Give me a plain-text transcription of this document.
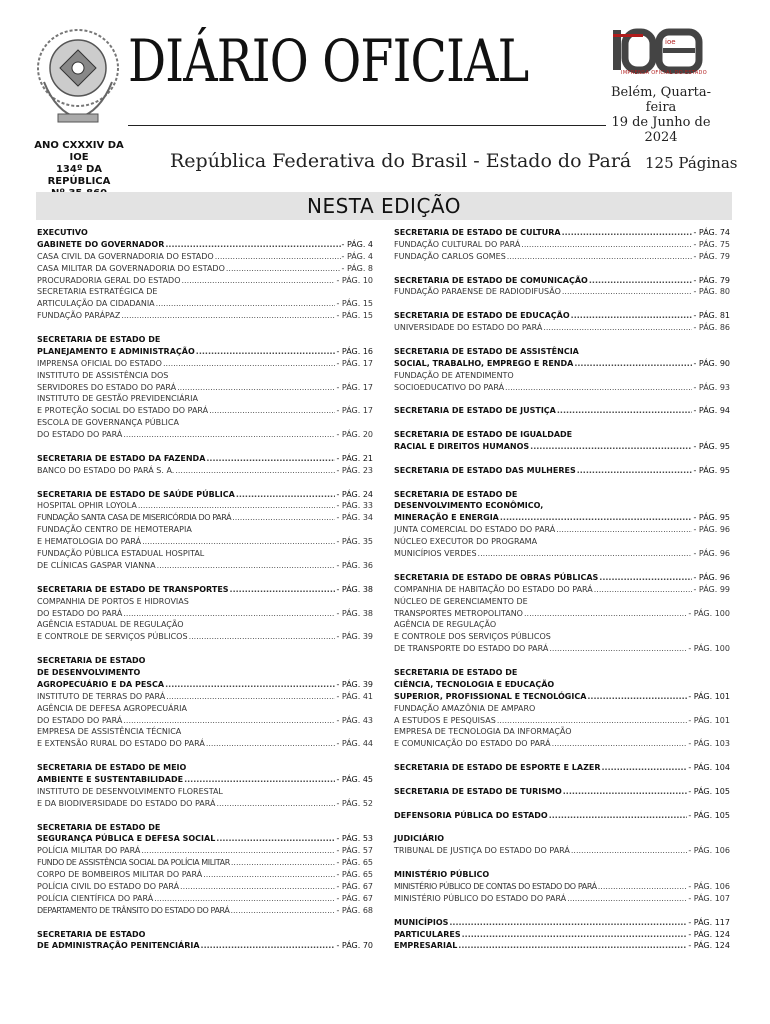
DIÁRIO OFICIAL	ioe
IMPRENSA OFICIAL DO ESTADO
Belém, Quarta-feira
19 de Junho de 2024
ANO CXXXIV DA IOE
134º DA REPÚBLICA
República Federativa do Brasil - Estado do Pará 125 Páginas
NESTA EDIÇÃO
EXECUTIVO
GABINETE DO GOVERNADOR .....	- PÁG. 4
CASA CIVIL DA GOVERNADORIA DO ESTADO .....	- PÁG. 4
CASA MILITAR DA GOVERNADORIA DO ESTADO .....	- PÁG. 8
PROCURADORIA GERAL DO ESTADO .....	- PÁG. 10
SECRETARIA ESTRATÉGICA DE
ARTICULAÇÃO DA CIDADANIA .....	- PÁG. 15
FUNDAÇÃO PARÁPAZ .....	- PÁG. 15
SECRETARIA DE ESTADO DE
PLANEJAMENTO E ADMINISTRAÇÃO .....	- PÁG. 16
IMPRENSA OFICIAL DO ESTADO .....	- PÁG. 17
INSTITUTO DE ASSISTÊNCIA DOS
SERVIDORES DO ESTADO DO PARÁ .....	- PÁG. 17
INSTITUTO DE GESTÃO PREVIDENCIÁRIA
E PROTEÇÃO SOCIAL DO ESTADO DO PARÁ .....	- PÁG. 17
ESCOLA DE GOVERNANÇA PÚBLICA
DO ESTADO DO PARÁ .....	- PÁG. 20
SECRETARIA DE ESTADO DA FAZENDA .....	- PÁG. 21
BANCO DO ESTADO DO PARÁ S. A. .....	- PÁG. 23
SECRETARIA DE ESTADO DE SAÚDE PÚBLICA .....	- PÁG. 24
HOSPITAL OPHIR LOYOLA .....	- PÁG. 33
FUNDAÇÃO SANTA CASA DE MISERICÓRDIA DO PARÁ .....	- PÁG. 34
FUNDAÇÃO CENTRO DE HEMOTERAPIA
E HEMATOLOGIA DO PARÁ .....	- PÁG. 35
FUNDAÇÃO PÚBLICA ESTADUAL HOSPITAL
DE CLÍNICAS GASPAR VIANNA .....	- PÁG. 36
SECRETARIA DE ESTADO DE TRANSPORTES .....	- PÁG. 38
COMPANHIA DE PORTOS E HIDROVIAS
DO ESTADO DO PARÁ .....	- PÁG. 38
AGÊNCIA ESTADUAL DE REGULAÇÃO
E CONTROLE DE SERVIÇOS PÚBLICOS .....	- PÁG. 39
SECRETARIA DE ESTADO
DE DESENVOLVIMENTO
AGROPECUÁRIO E DA PESCA .....	- PÁG. 39
INSTITUTO DE TERRAS DO PARÁ .....	- PÁG. 41
AGÊNCIA DE DEFESA AGROPECUÁRIA
DO ESTADO DO PARÁ .....	- PÁG. 43
EMPRESA DE ASSISTÊNCIA TÉCNICA
E EXTENSÃO RURAL DO ESTADO DO PARÁ .....	- PÁG. 44
SECRETARIA DE ESTADO DE MEIO
AMBIENTE E SUSTENTABILIDADE .....	- PÁG. 45
INSTITUTO DE DESENVOLVIMENTO FLORESTAL
E DA BIODIVERSIDADE DO ESTADO DO PARÁ .....	- PÁG. 52
SECRETARIA DE ESTADO DE
SEGURANÇA PÚBLICA E DEFESA SOCIAL .....	- PÁG. 53
POLÍCIA MILITAR DO PARÁ .....	- PÁG. 57
FUNDO DE ASSISTÊNCIA SOCIAL DA POLÍCIA MILITAR .....	- PÁG. 65
CORPO DE BOMBEIROS MILITAR DO PARÁ .....	- PÁG. 65
POLÍCIA CIVIL DO ESTADO DO PARÁ .....	- PÁG. 67
POLÍCIA CIENTÍFICA DO PARÁ .....	- PÁG. 67
DEPARTAMENTO DE TRÂNSITO DO ESTADO DO PARÁ .....	- PÁG. 68
SECRETARIA DE ESTADO
DE ADMINISTRAÇÃO PENITENCIÁRIA .....	- PÁG. 70
SECRETARIA DE ESTADO DE CULTURA .....	- PÁG. 74
FUNDAÇÃO CULTURAL DO PARÁ .....	- PÁG. 75
FUNDAÇÃO CARLOS GOMES .....	- PÁG. 79
SECRETARIA DE ESTADO DE COMUNICAÇÃO .....	- PÁG. 79
FUNDAÇÃO PARAENSE DE RADIODIFUSÃO .....	- PÁG. 80
SECRETARIA DE ESTADO DE EDUCAÇÃO .....	- PÁG. 81
UNIVERSIDADE DO ESTADO DO PARÁ .....	- PÁG. 86
SECRETARIA DE ESTADO DE ASSISTÊNCIA
SOCIAL, TRABALHO, EMPREGO E RENDA .....	- PÁG. 90
FUNDAÇÃO DE ATENDIMENTO
SOCIOEDUCATIVO DO PARÁ .....	- PÁG. 93
SECRETARIA DE ESTADO DE JUSTIÇA .....	- PÁG. 94
SECRETARIA DE ESTADO DE IGUALDADE
RACIAL E DIREITOS HUMANOS .....	- PÁG. 95
SECRETARIA DE ESTADO DAS MULHERES .....	- PÁG. 95
SECRETARIA DE ESTADO DE
DESENVOLVIMENTO ECONÔMICO,
MINERAÇÃO E ENERGIA .....	- PÁG. 95
JUNTA COMERCIAL DO ESTADO DO PARÁ .....	- PÁG. 96
NÚCLEO EXECUTOR DO PROGRAMA
MUNICÍPIOS VERDES .....	- PÁG. 96
SECRETARIA DE ESTADO DE OBRAS PÚBLICAS .....	- PÁG. 96
COMPANHIA DE HABITAÇÃO DO ESTADO DO PARÁ .....	- PÁG. 99
NÚCLEO DE GERENCIAMENTO DE
TRANSPORTES METROPOLITANO .....	- PÁG. 100
AGÊNCIA DE REGULAÇÃO
E CONTROLE DOS SERVIÇOS PÚBLICOS
DE TRANSPORTE DO ESTADO DO PARÁ .....	- PÁG. 100
SECRETARIA DE ESTADO DE
CIÊNCIA, TECNOLOGIA E EDUCAÇÃO
SUPERIOR, PROFISSIONAL E TECNOLÓGICA .....	- PÁG. 101
FUNDAÇÃO AMAZÔNIA DE AMPARO
A ESTUDOS E PESQUISAS .....	- PÁG. 101
EMPRESA DE TECNOLOGIA DA INFORMAÇÃO
E COMUNICAÇÃO DO ESTADO DO PARÁ .....	- PÁG. 103
SECRETARIA DE ESTADO DE ESPORTE E LAZER .....	- PÁG. 104
SECRETARIA DE ESTADO DE TURISMO .....	- PÁG. 105
DEFENSORIA PÚBLICA DO ESTADO .....	- PÁG. 105
JUDICIÁRIO
TRIBUNAL DE JUSTIÇA DO ESTADO DO PARÁ .....	- PÁG. 106
MINISTÉRIO PÚBLICO
MINISTÉRIO PÚBLICO DE CONTAS DO ESTADO DO PARÁ .....	- PÁG. 106
MINISTÉRIO PÚBLICO DO ESTADO DO PARÁ .....	- PÁG. 107
MUNICÍPIOS .....	- PÁG. 117
PARTICULARES .....	- PÁG. 124
EMPRESARIAL .....	- PÁG. 124
